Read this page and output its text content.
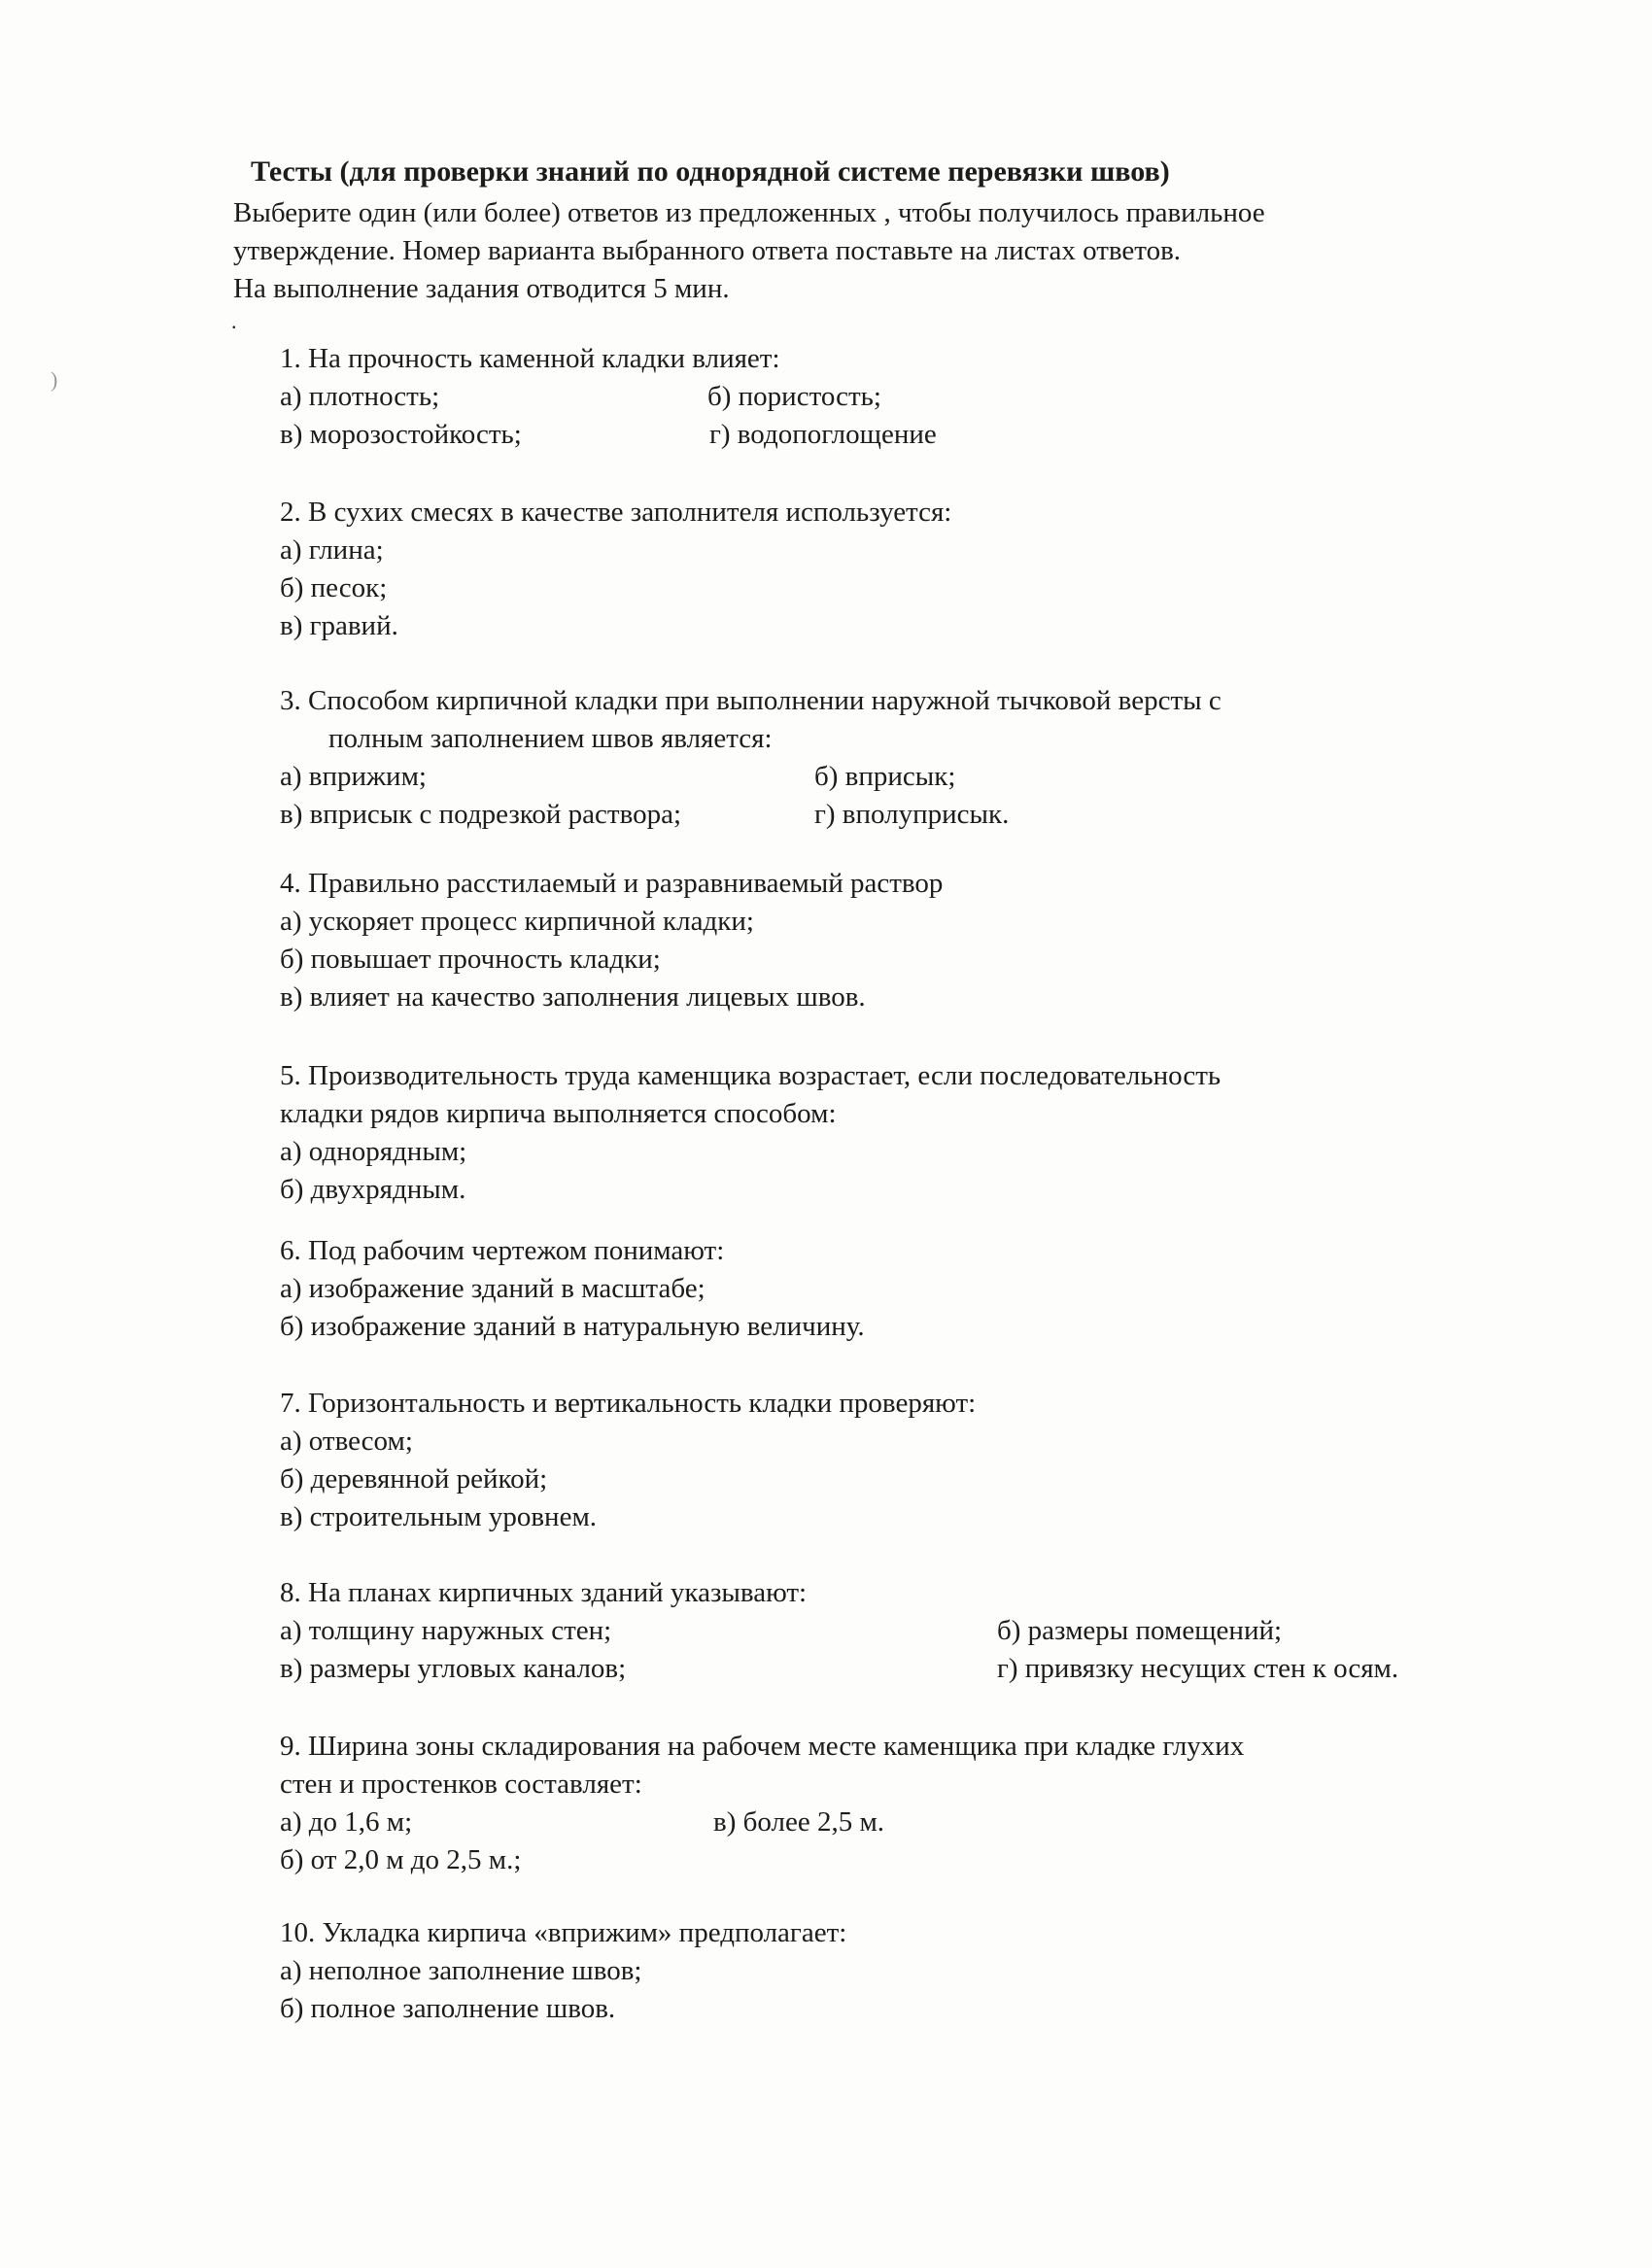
Тесты (для проверки знаний по однорядной системе перевязки швов)
Выберите один (или более) ответов из предложенных , чтобы получилось правильное
утверждение. Номер варианта выбранного ответа поставьте на листах ответов.
На выполнение задания отводится 5 мин.
.
1. На прочность каменной кладки влияет:
а) плотность;	б) пористость;
в) морозостойкость;	г) водопоглощение
2. В сухих смесях в качестве заполнителя используется:
а) глина;
б) песок;
в) гравий.
3. Способом кирпичной кладки при выполнении наружной тычковой версты с
полным заполнением швов является:
а) вприжим;	б) вприсык;
в) вприсык с подрезкой раствора;	г) вполуприсык.
4. Правильно расстилаемый и разравниваемый раствор
а) ускоряет процесс кирпичной кладки;
б) повышает прочность кладки;
в) влияет на качество заполнения лицевых швов.
5. Производительность труда каменщика возрастает, если последовательность
кладки рядов кирпича выполняется способом:
а) однорядным;
б) двухрядным.
6. Под рабочим чертежом понимают:
а) изображение зданий в масштабе;
б) изображение зданий в натуральную величину.
7. Горизонтальность и вертикальность кладки проверяют:
а) отвесом;
б) деревянной рейкой;
в) строительным уровнем.
8. На планах кирпичных зданий указывают:
а) толщину наружных стен;	б) размеры помещений;
в) размеры угловых каналов;	г) привязку несущих стен к осям.
9. Ширина зоны складирования на рабочем месте каменщика при кладке глухих
стен и простенков составляет:
а) до 1,6 м;	в) более 2,5 м.
б) от 2,0 м до 2,5 м.;
10. Укладка кирпича «вприжим» предполагает:
а) неполное заполнение швов;
б) полное заполнение швов.
)
